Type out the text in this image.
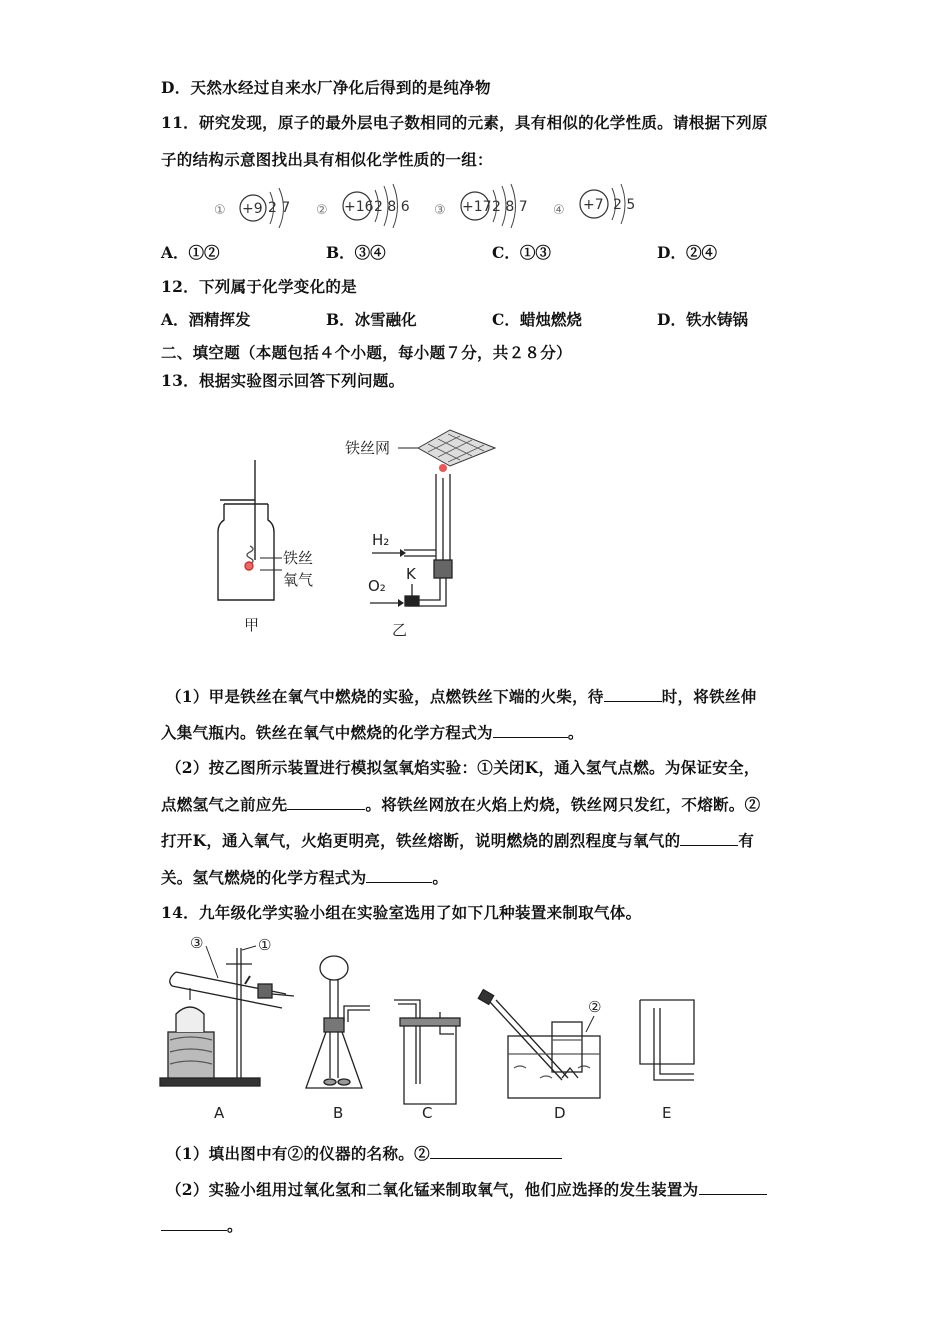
D．天然水经过自来水厂净化后得到的是纯净物
11．研究发现，原子的最外层电子数相同的元素，具有相似的化学性质。请根据下列原
子的结构示意图找出具有相似化学性质的一组：
① +9 2 7 ② +16 2 8 6 ③ +17 2 8 7 ④ +7 2 5
A．①②	B．③④	C．①③	D．②④
12．下列属于化学变化的是
A．酒精挥发	B．冰雪融化	C．蜡烛燃烧	D．铁水铸锅
二、填空题（本题包括４个小题，每小题７分，共２８分）
13．根据实验图示回答下列问题。
铁丝
氧气
甲
铁丝网
H₂
K
O₂
乙
（1）甲是铁丝在氧气中燃烧的实验，点燃铁丝下端的火柴，待	时，将铁丝伸
入集气瓶内。铁丝在氧气中燃烧的化学方程式为	。
（2）按乙图所示装置进行模拟氢氧焰实验：①关闭K，通入氢气点燃。为保证安全，
点燃氢气之前应先	。将铁丝网放在火焰上灼烧，铁丝网只发红，不熔断。②
打开K，通入氧气，火焰更明亮，铁丝熔断，说明燃烧的剧烈程度与氧气的	有
关。氢气燃烧的化学方程式为	。
14．九年级化学实验小组在实验室选用了如下几种装置来制取气体。
③	①
A	B	C
②
D	E
（1）填出图中有②的仪器的名称。②
（2）实验小组用过氧化氢和二氧化锰来制取氧气，他们应选择的发生装置为
。
